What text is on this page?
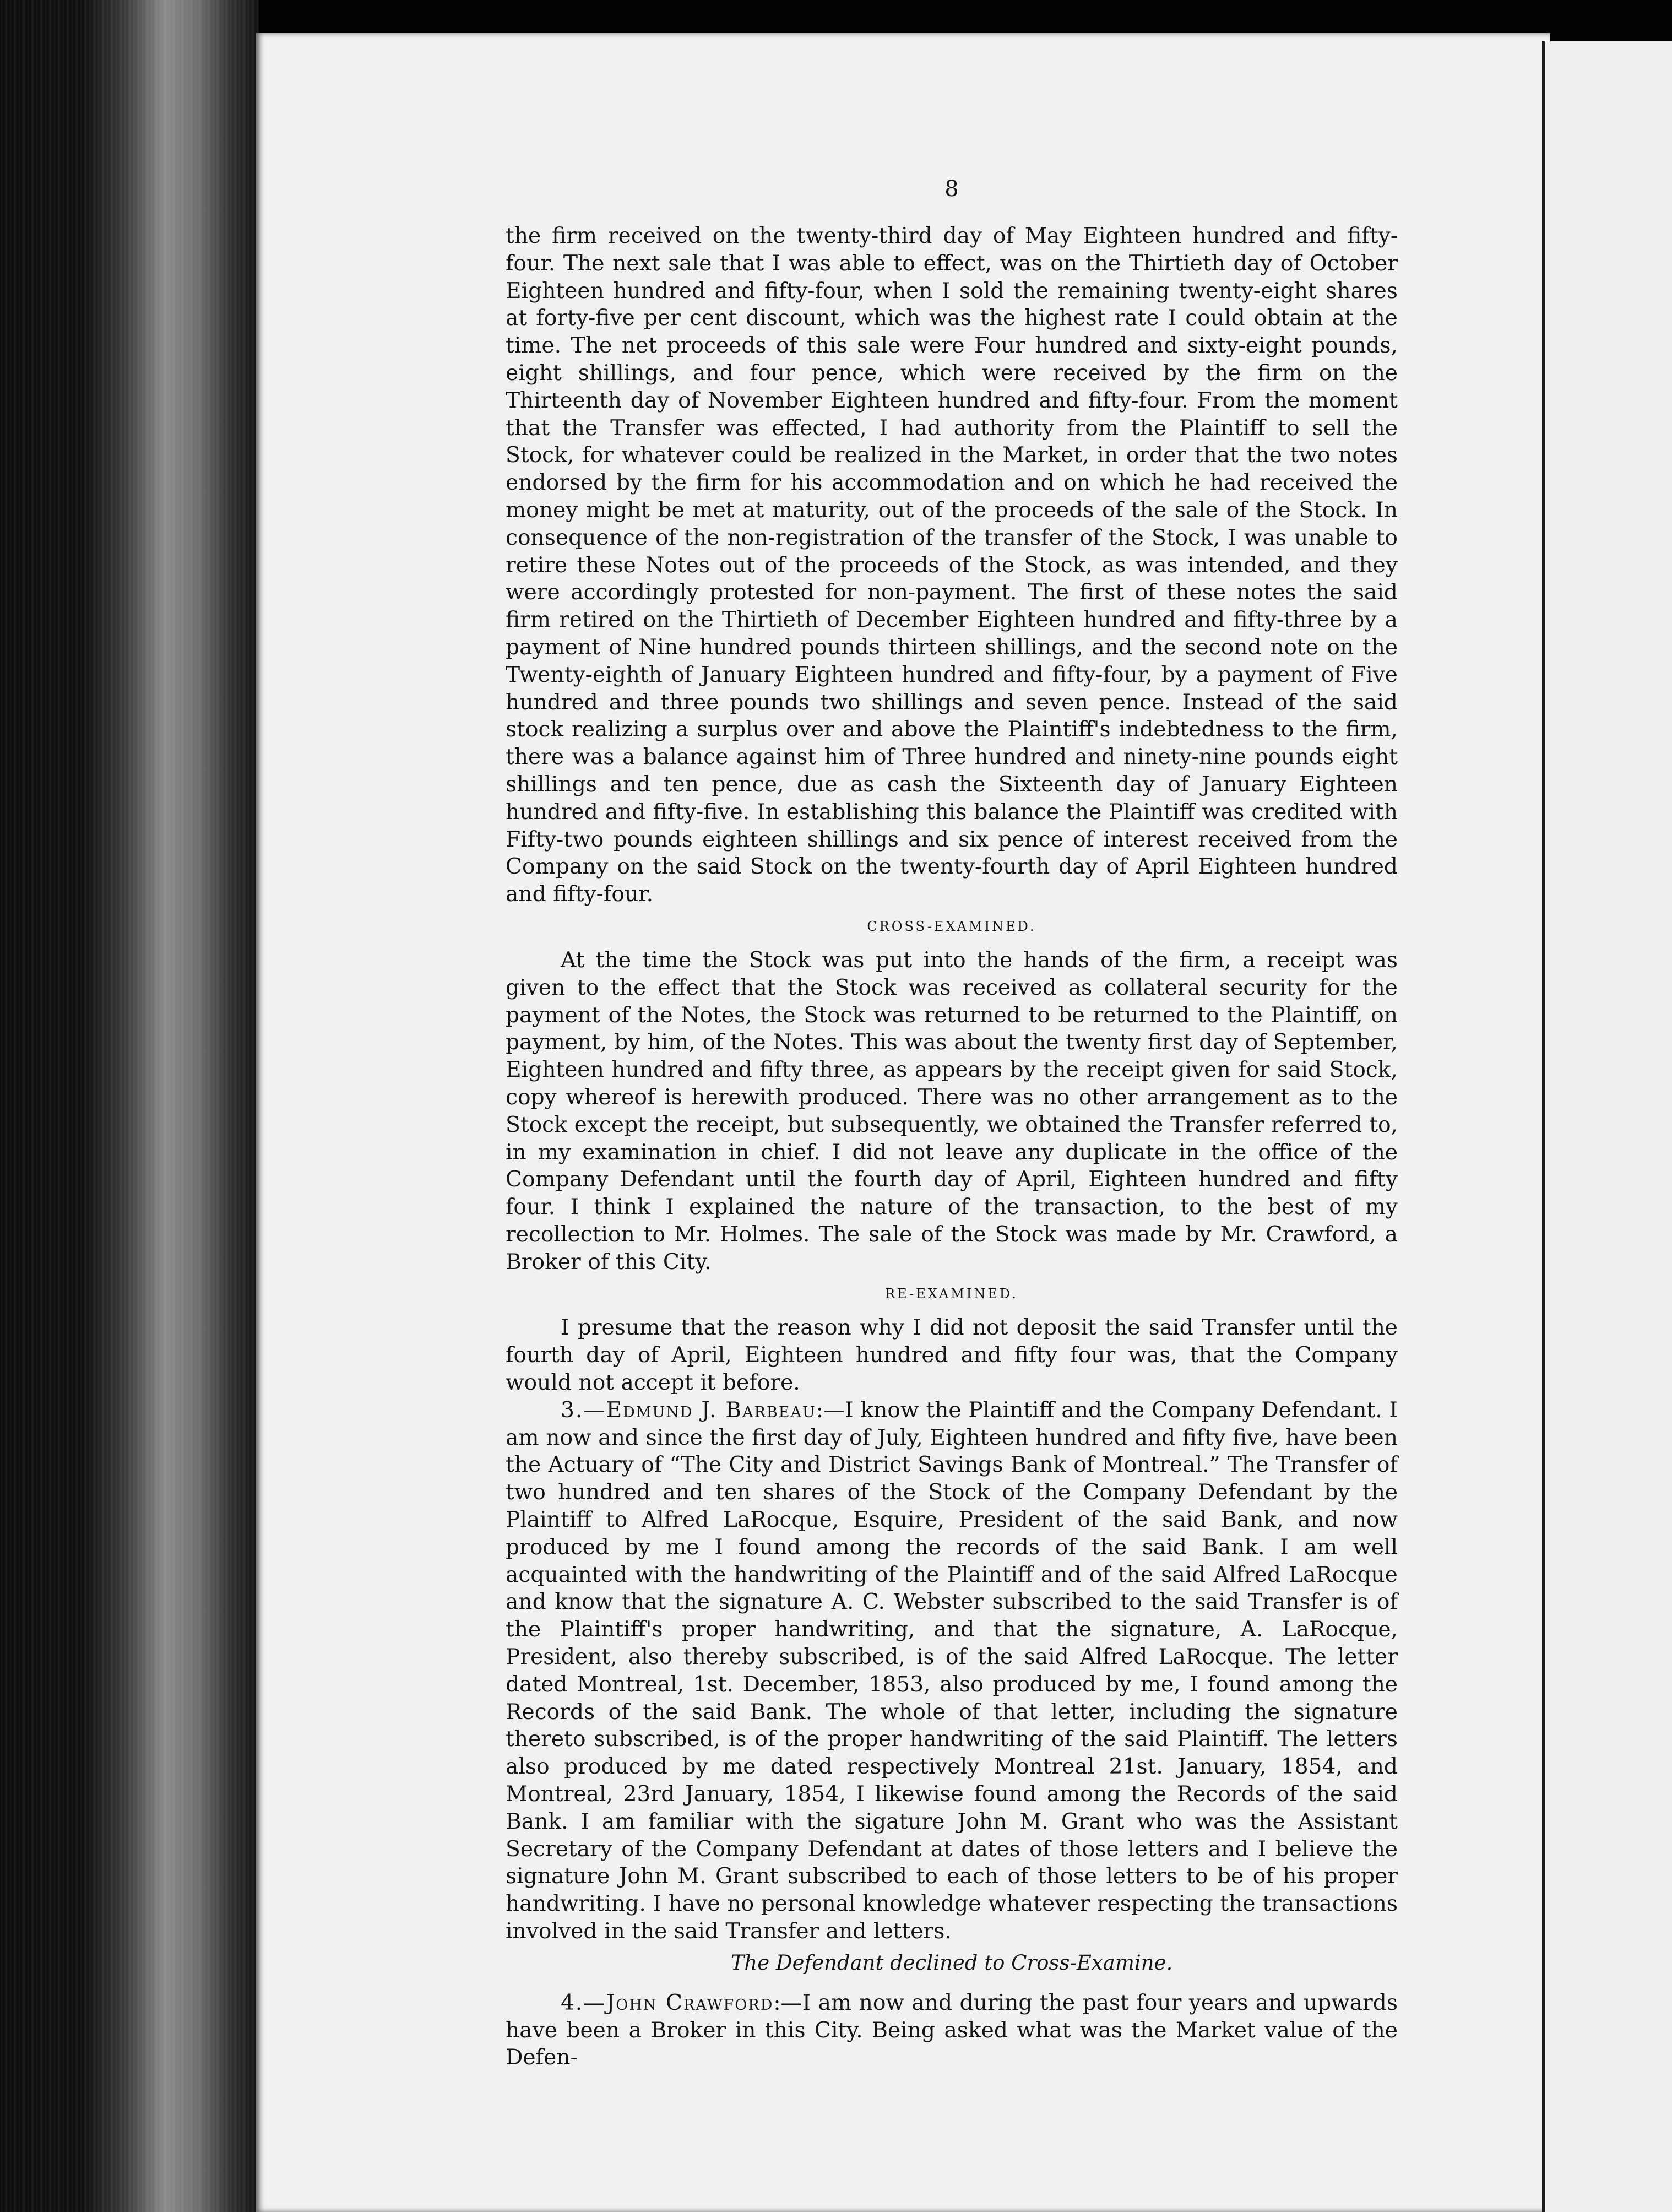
8

the firm received on the twenty-third day of May Eighteen hundred and fifty-four. The next sale that I was able to effect, was on the Thirtieth day of October Eighteen hundred and fifty-four, when I sold the remaining twenty-eight shares at forty-five per cent discount, which was the highest rate I could obtain at the time. The net proceeds of this sale were Four hundred and sixty-eight pounds, eight shillings, and four pence, which were received by the firm on the Thirteenth day of November Eighteen hundred and fifty-four. From the moment that the Transfer was effected, I had authority from the Plaintiff to sell the Stock, for whatever could be realized in the Market, in order that the two notes endorsed by the firm for his accommodation and on which he had received the money might be met at maturity, out of the proceeds of the sale of the Stock. In consequence of the non-registration of the transfer of the Stock, I was unable to retire these Notes out of the proceeds of the Stock, as was intended, and they were accordingly protested for non-payment. The first of these notes the said firm retired on the Thirtieth of December Eighteen hundred and fifty-three by a payment of Nine hundred pounds thirteen shillings, and the second note on the Twenty-eighth of January Eighteen hundred and fifty-four, by a payment of Five hundred and three pounds two shillings and seven pence. Instead of the said stock realizing a surplus over and above the Plaintiff's indebtedness to the firm, there was a balance against him of Three hundred and ninety-nine pounds eight shillings and ten pence, due as cash the Sixteenth day of January Eighteen hundred and fifty-five. In establishing this balance the Plaintiff was credited with Fifty-two pounds eighteen shillings and six pence of interest received from the Company on the said Stock on the twenty-fourth day of April Eighteen hundred and fifty-four.

CROSS-EXAMINED.

At the time the Stock was put into the hands of the firm, a receipt was given to the effect that the Stock was received as collateral security for the payment of the Notes, the Stock was returned to be returned to the Plaintiff, on payment, by him, of the Notes. This was about the twenty first day of September, Eighteen hundred and fifty three, as appears by the receipt given for said Stock, copy whereof is herewith produced. There was no other arrangement as to the Stock except the receipt, but subsequently, we obtained the Transfer referred to, in my examination in chief. I did not leave any duplicate in the office of the Company Defendant until the fourth day of April, Eighteen hundred and fifty four. I think I explained the nature of the transaction, to the best of my recollection to Mr. Holmes. The sale of the Stock was made by Mr. Crawford, a Broker of this City.

RE-EXAMINED.

I presume that the reason why I did not deposit the said Transfer until the fourth day of April, Eighteen hundred and fifty four was, that the Company would not accept it before.

3.—Edmund J. Barbeau:—I know the Plaintiff and the Company Defendant. I am now and since the first day of July, Eighteen hundred and fifty five, have been the Actuary of “The City and District Savings Bank of Montreal.” The Transfer of two hundred and ten shares of the Stock of the Company Defendant by the Plaintiff to Alfred LaRocque, Esquire, President of the said Bank, and now produced by me I found among the records of the said Bank. I am well acquainted with the handwriting of the Plaintiff and of the said Alfred LaRocque and know that the signature A. C. Webster subscribed to the said Transfer is of the Plaintiff's proper handwriting, and that the signature, A. LaRocque, President, also thereby subscribed, is of the said Alfred LaRocque. The letter dated Montreal, 1st. December, 1853, also produced by me, I found among the Records of the said Bank. The whole of that letter, including the signature thereto subscribed, is of the proper handwriting of the said Plaintiff. The letters also produced by me dated respectively Montreal 21st. January, 1854, and Montreal, 23rd January, 1854, I likewise found among the Records of the said Bank. I am familiar with the sigature John M. Grant who was the Assistant Secretary of the Company Defendant at dates of those letters and I believe the signature John M. Grant subscribed to each of those letters to be of his proper handwriting. I have no personal knowledge whatever respecting the transactions involved in the said Transfer and letters.

The Defendant declined to Cross-Examine.

4.—John Crawford:—I am now and during the past four years and upwards have been a Broker in this City. Being asked what was the Market value of the Defen-
